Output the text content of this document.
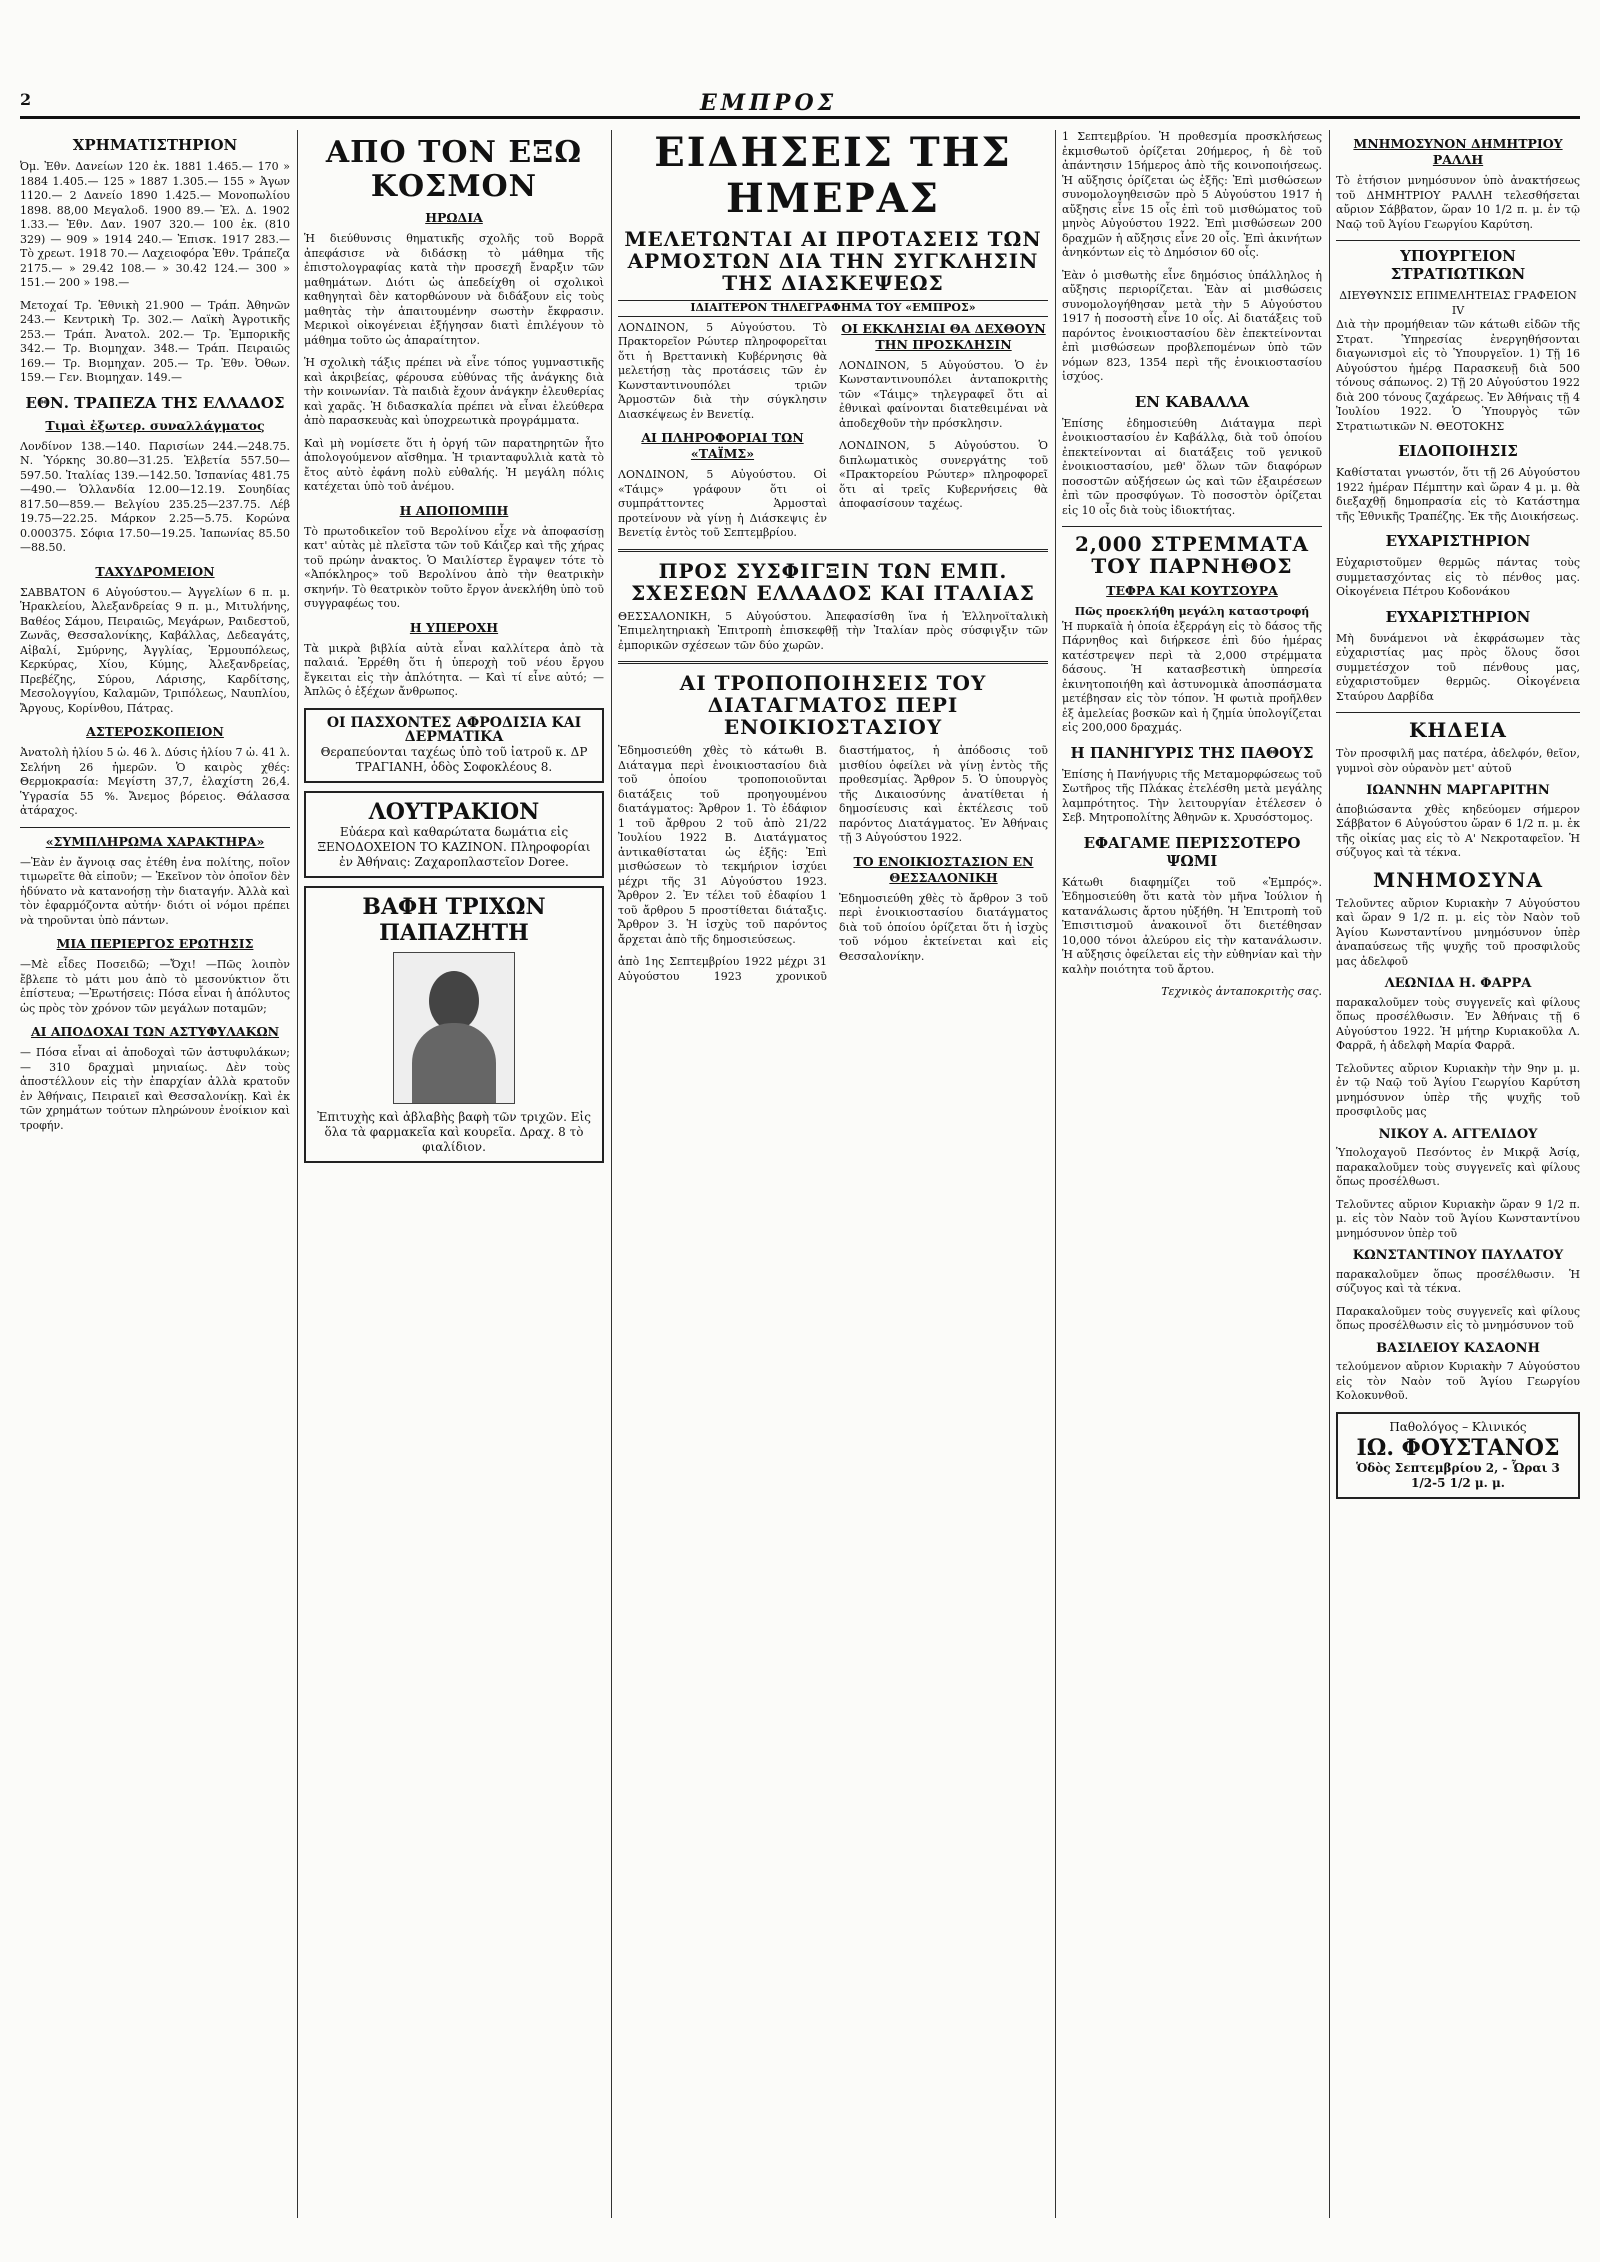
2	ΕΜΠΡΟΣ
ΧΡΗΜΑΤΙΣΤΗΡΙΟΝ
Ὀμ. Ἐθν. Δανείων 120 ἐκ. 1881 1.465.— 170 » 1884 1.405.— 125 » 1887 1.305.— 155 » Ἀγων 1120.— 2 Δανείο 1890 1.425.— Μονοπωλίου 1898. 88,00 Μεγαλοδ. 1900 89.— Ἐλ. Δ. 1902 1.33.— Ἐθν. Δαν. 1907 320.— 100 ἐκ. (810 329) — 909 » 1914 240.— Ἐπισκ. 1917 283.— Τὸ χρεωτ. 1918 70.— Λαχειοφόρα Ἐθν. Τράπεζα 2175.— » 29.42 108.— » 30.42 124.— 300 » 151.— 200 » 198.—
Μετοχαί Τρ. Ἑθνικὴ 21.900 — Τράπ. Ἀθηνῶν 243.— Κεντρικὴ Τρ. 302.— Λαϊκὴ Ἀγροτικῆς 253.— Τράπ. Ἀνατολ. 202.— Τρ. Ἐμπορικῆς 342.— Τρ. Βιομηχαν. 348.— Τράπ. Πειραιῶς 169.— Τρ. Βιομηχαν. 205.— Τρ. Ἐθν. Ὀθων. 159.— Γεν. Βιομηχαν. 149.—
ΕΘΝ. ΤΡΑΠΕΖΑ ΤΗΣ ΕΛΛΑΔΟΣ
Τιμαὶ ἐξωτερ. συναλλάγματος
Λονδίνον 138.—140. Παρισίων 244.—248.75. Ν. Ὑόρκης 30.80—31.25. Ἑλβετία 557.50—597.50. Ἰταλίας 139.—142.50. Ἰσπανίας 481.75—490.— Ὁλλανδία 12.00—12.19. Σουηδίας 817.50—859.— Βελγίου 235.25—237.75. Λέβ 19.75—22.25. Μάρκον 2.25—5.75. Κορώνα 0.000375. Σόφια 17.50—19.25. Ἰαπωνίας 85.50—88.50.
ΤΑΧΥΔΡΟΜΕΙΟΝ
ΣΑΒΒΑΤΟΝ 6 Αὐγούστου.— Ἀγγελίων 6 π. μ. Ἡρακλείου, Ἀλεξανδρείας 9 π. μ., Μιτυλήνης, Βαθέος Σάμου, Πειραιῶς, Μεγάρων, Ραιδεστοῦ, Ζωνᾶς, Θεσσαλονίκης, Καβάλλας, Δεδεαγάτς, Αἰβαλί, Σμύρνης, Ἀγγλίας, Ἐρμουπόλεως, Κερκύρας, Χίου, Κύμης, Ἀλεξανδρείας, Πρεβέζης, Σύρου, Λάρισης, Καρδίτσης, Μεσολογγίου, Καλαμῶν, Τριπόλεως, Ναυπλίου, Ἄργους, Κορίνθου, Πάτρας.
ΑΣΤΕΡΟΣΚΟΠΕΙΟΝ
Ἀνατολὴ ἡλίου 5 ὡ. 46 λ. Δύσις ἡλίου 7 ὡ. 41 λ. Σελήνη 26 ἡμερῶν. Ὁ καιρὸς χθές: Θερμοκρασία: Μεγίστη 37,7, ἐλαχίστη 26,4. Ὑγρασία 55 %. Ἄνεμος βόρειος. Θάλασσα ἀτάραχος.
«ΣΥΜΠΛΗΡΩΜΑ ΧΑΡΑΚΤΗΡΑ»
—Ἐὰν ἐν ἄγνοιᾳ σας ἐτέθη ἐνα πολίτης, ποῖον τιμωρεῖτε θὰ εἰποῦν; — Ἐκεῖνον τὸν ὁποῖον δὲν ἠδύνατο νὰ κατανοήσῃ τὴν διαταγήν. Ἀλλὰ καὶ τὸν ἐφαρμόζοντα αὐτήν· διότι οἱ νόμοι πρέπει νὰ τηροῦνται ὑπὸ πάντων.
ΜΙΑ ΠΕΡΙΕΡΓΟΣ ΕΡΩΤΗΣΙΣ
—Μὲ εἶδες Ποσειδῶ; —Ὄχι! —Πῶς λοιπὸν ἔβλεπε τὸ μάτι μου ἀπὸ τὸ μεσονύκτιον ὅτι ἐπίστευα; —Ἐρωτήσεις: Πόσα εἶναι ἡ ἀπόλυτος ὡς πρὸς τὸν χρόνον τῶν μεγάλων ποταμῶν;
ΑΙ ΑΠΟΔΟΧΑΙ ΤΩΝ ΑΣΤΥΦΥΛΑΚΩΝ
— Πόσα εἶναι αἱ ἀποδοχαὶ τῶν ἀστυφυλάκων; — 310 δραχμαὶ μηνιαίως. Δὲν τοὺς ἀποστέλλουν εἰς τὴν ἐπαρχίαν ἀλλὰ κρατοῦν ἐν Ἀθήναις, Πειραιεῖ καὶ Θεσσαλονίκῃ. Καὶ ἐκ τῶν χρημάτων τούτων πληρώνουν ἐνοίκιον καὶ τροφήν.
ΑΠΟ ΤΟΝ ΕΞΩ ΚΟΣΜΟΝ
ΗΡΩΔΙΑ
Ἡ διεύθυνσις θηματικῆς σχολῆς τοῦ Βορρᾶ ἀπεφάσισε νὰ διδάσκῃ τὸ μάθημα τῆς ἐπιστολογραφίας κατὰ τὴν προσεχῆ ἔναρξιν τῶν μαθημάτων. Διότι ὡς ἀπεδείχθη οἱ σχολικοὶ καθηγηταὶ δὲν κατορθώνουν νὰ διδάξουν εἰς τοὺς μαθητὰς τὴν ἀπαιτουμένην σωστὴν ἔκφρασιν. Μερικοὶ οἰκογένειαι ἐξήγησαν διατὶ ἐπιλέγουν τὸ μάθημα τοῦτο ὡς ἀπαραίτητον.
Ἡ σχολικὴ τάξις πρέπει νὰ εἶνε τόπος γυμναστικῆς καὶ ἀκριβείας, φέρουσα εὐθύνας τῆς ἀνάγκης διὰ τὴν κοινωνίαν. Τὰ παιδιὰ ἔχουν ἀνάγκην ἐλευθερίας καὶ χαρᾶς. Ἡ διδασκαλία πρέπει νὰ εἶναι ἐλεύθερα ἀπὸ παρασκευὰς καὶ ὑποχρεωτικὰ προγράμματα.
Καὶ μὴ νομίσετε ὅτι ἡ ὀργή τῶν παρατηρητῶν ἦτο ἀπολογούμενον αἴσθημα. Ἡ τριανταφυλλιὰ κατὰ τὸ ἔτος αὐτὸ ἐφάνη πολὺ εὐθαλής. Ἡ μεγάλη πόλις κατέχεται ὑπὸ τοῦ ἀνέμου.
Η ΑΠΟΠΟΜΠΗ
Τὸ πρωτοδικεῖον τοῦ Βερολίνου εἶχε νὰ ἀποφασίσῃ κατ' αὐτὰς μὲ πλεῖστα τῶν τοῦ Κάιζερ καὶ τῆς χήρας τοῦ πρώην ἀνακτος. Ὁ Μαιλίστερ ἔγραψεν τότε τὸ «Ἀπόκληρος» τοῦ Βερολίνου ἀπὸ τὴν θεατρικὴν σκηνήν. Τὸ θεατρικὸν τοῦτο ἔργον ἀνεκλήθη ὑπὸ τοῦ συγγραφέως του.
Η ΥΠΕΡΟΧΗ
Τὰ μικρὰ βιβλία αὐτὰ εἶναι καλλίτερα ἀπὸ τὰ παλαιά. Ἐρρέθη ὅτι ἡ ὑπεροχὴ τοῦ νέου ἔργου ἔγκειται εἰς τὴν ἀπλότητα. — Καὶ τί εἶνε αὐτό; — Ἀπλῶς ὁ ἐξέχων ἄνθρωπος.
ΟΙ ΠΑΣΧΟΝΤΕΣ ΑΦΡΟΔΙΣΙΑ ΚΑΙ ΔΕΡΜΑΤΙΚΑ
Θεραπεύονται ταχέως ὑπὸ τοῦ ἰατροῦ κ. ΔΡ ΤΡΑΓΙΑΝΗ, ὁδὸς Σοφοκλέους 8.
ΛΟΥΤΡΑΚΙΟΝ
Εὐάερα καὶ καθαρώτατα δωμάτια εἰς ΞΕΝΟΔΟΧΕΙΟΝ ΤΟ ΚΑΖΙΝΟΝ. Πληροφορίαι ἐν Ἀθήναις: Ζαχαροπλαστεῖον Doree.
ΒΑΦΗ ΤΡΙΧΩΝ ΠΑΠΑΖΗΤΗ
Ἐπιτυχὴς καὶ ἀβλαβὴς βαφὴ τῶν τριχῶν. Εἰς ὅλα τὰ φαρμακεῖα καὶ κουρεῖα. Δραχ. 8 τὸ φιαλίδιον.
ΕΙΔΗΣΕΙΣ ΤΗΣ ΗΜΕΡΑΣ
ΜΕΛΕΤΩΝΤΑΙ ΑΙ ΠΡΟΤΑΣΕΙΣ ΤΩΝ ΑΡΜΟΣΤΩΝ ΔΙΑ ΤΗΝ ΣΥΓΚΛΗΣΙΝ ΤΗΣ ΔΙΑΣΚΕΨΕΩΣ
ΙΔΙΑΙΤΕΡΟΝ ΤΗΛΕΓΡΑΦΗΜΑ ΤΟΥ «ΕΜΠΡΟΣ»
ΛΟΝΔΙΝΟΝ, 5 Αὐγούστου. Τὸ Πρακτορεῖον Ρώυτερ πληροφορεῖται ὅτι ἡ Βρεττανικὴ Κυβέρνησις θὰ μελετήσῃ τὰς προτάσεις τῶν ἐν Κωνσταντινουπόλει τριῶν Ἁρμοστῶν διὰ τὴν σύγκλησιν Διασκέψεως ἐν Βενετίᾳ.
ΑΙ ΠΛΗΡΟΦΟΡΙΑΙ ΤΩΝ «ΤΑΪΜΣ»
ΛΟΝΔΙΝΟΝ, 5 Αὐγούστου. Οἱ «Τάιμς» γράφουν ὅτι οἱ συμπράττοντες Ἁρμοσταὶ προτείνουν νὰ γίνῃ ἡ Διάσκεψις ἐν Βενετίᾳ ἐντὸς τοῦ Σεπτεμβρίου.
ΟΙ ΕΚΚΛΗΣΙΑΙ ΘΑ ΔΕΧΘΟΥΝ ΤΗΝ ΠΡΟΣΚΛΗΣΙΝ
ΛΟΝΔΙΝΟΝ, 5 Αὐγούστου. Ὁ ἐν Κωνσταντινουπόλει ἀνταποκριτὴς τῶν «Τάιμς» τηλεγραφεῖ ὅτι αἱ ἐθνικαὶ φαίνονται διατεθειμέναι νὰ ἀποδεχθοῦν τὴν πρόσκλησιν.
ΛΟΝΔΙΝΟΝ, 5 Αὐγούστου. Ὁ διπλωματικὸς συνεργάτης τοῦ «Πρακτορείου Ρώυτερ» πληροφορεῖ ὅτι αἱ τρεῖς Κυβερνήσεις θὰ ἀποφασίσουν ταχέως.
ΠΡΟΣ ΣΥΣΦΙΓΞΙΝ ΤΩΝ ΕΜΠ. ΣΧΕΣΕΩΝ ΕΛΛΑΔΟΣ ΚΑΙ ΙΤΑΛΙΑΣ
ΘΕΣΣΑΛΟΝΙΚΗ, 5 Αὐγούστου. Ἀπεφασίσθη ἵνα ἡ Ἑλληνοϊταλικὴ Ἐπιμελητηριακὴ Ἐπιτροπὴ ἐπισκεφθῇ τὴν Ἰταλίαν πρὸς σύσφιγξιν τῶν ἐμπορικῶν σχέσεων τῶν δύο χωρῶν.
ΑΙ ΤΡΟΠΟΠΟΙΗΣΕΙΣ ΤΟΥ ΔΙΑΤΑΓΜΑΤΟΣ ΠΕΡΙ ΕΝΟΙΚΙΟΣΤΑΣΙΟΥ
Ἐδημοσιεύθη χθὲς τὸ κάτωθι Β. Διάταγμα περὶ ἐνοικιοστασίου διὰ τοῦ ὁποίου τροποποιοῦνται διατάξεις τοῦ προηγουμένου διατάγματος: Ἄρθρον 1. Τὸ ἐδάφιον 1 τοῦ ἄρθρου 2 τοῦ ἀπὸ 21/22 Ἰουλίου 1922 Β. Διατάγματος ἀντικαθίσταται ὡς ἑξῆς: Ἐπὶ μισθώσεων τὸ τεκμήριον ἰσχύει μέχρι τῆς 31 Αὐγούστου 1923. Ἄρθρον 2. Ἐν τέλει τοῦ ἐδαφίου 1 τοῦ ἄρθρου 5 προστίθεται διάταξις. Ἄρθρον 3. Ἡ ἰσχὺς τοῦ παρόντος ἄρχεται ἀπὸ τῆς δημοσιεύσεως.
ἀπὸ 1ης Σεπτεμβρίου 1922 μέχρι 31 Αὐγούστου 1923 χρονικοῦ διαστήματος, ἡ ἀπόδοσις τοῦ μισθίου ὀφείλει νὰ γίνῃ ἐντὸς τῆς προθεσμίας. Ἄρθρον 5. Ὁ ὑπουργὸς τῆς Δικαιοσύνης ἀνατίθεται ἡ δημοσίευσις καὶ ἐκτέλεσις τοῦ παρόντος Διατάγματος. Ἐν Ἀθήναις τῇ 3 Αὐγούστου 1922.
ΤΟ ΕΝΟΙΚΙΟΣΤΑΣΙΟΝ ΕΝ ΘΕΣΣΑΛΟΝΙΚΗ
Ἐδημοσιεύθη χθὲς τὸ ἄρθρον 3 τοῦ περὶ ἐνοικιοστασίου διατάγματος διὰ τοῦ ὁποίου ὁρίζεται ὅτι ἡ ἰσχὺς τοῦ νόμου ἐκτείνεται καὶ εἰς Θεσσαλονίκην.
1 Σεπτεμβρίου. Ἡ προθεσμία προσκλήσεως ἐκμισθωτοῦ ὁρίζεται 20ήμερος, ἡ δὲ τοῦ ἀπάντησιν 15ήμερος ἀπὸ τῆς κοινοποιήσεως. Ἡ αὔξησις ὁρίζεται ὡς ἑξῆς: Ἐπὶ μισθώσεων συνομολογηθεισῶν πρὸ 5 Αὐγούστου 1917 ἡ αὔξησις εἶνε 15 οἷς ἐπὶ τοῦ μισθώματος τοῦ μηνὸς Αὐγούστου 1922. Ἐπὶ μισθώσεων 200 δραχμῶν ἡ αὔξησις εἶνε 20 οἷς. Ἐπὶ ἀκινήτων ἀνηκόντων εἰς τὸ Δημόσιον 60 οἷς.
Ἐὰν ὁ μισθωτὴς εἶνε δημόσιος ὑπάλληλος ἡ αὔξησις περιορίζεται. Ἐὰν αἱ μισθώσεις συνομολογήθησαν μετὰ τὴν 5 Αὐγούστου 1917 ἡ ποσοστὴ εἶνε 10 οἷς. Αἱ διατάξεις τοῦ παρόντος ἐνοικιοστασίου δὲν ἐπεκτείνονται ἐπὶ μισθώσεων προβλεπομένων ὑπὸ τῶν νόμων 823, 1354 περὶ τῆς ἐνοικιοστασίου ἰσχύος.
ΕΝ ΚΑΒΑΛΛΑ
Ἐπίσης ἐδημοσιεύθη Διάταγμα περὶ ἐνοικιοστασίου ἐν Καβάλλᾳ, διὰ τοῦ ὁποίου ἐπεκτείνονται αἱ διατάξεις τοῦ γενικοῦ ἐνοικιοστασίου, μεθ' ὅλων τῶν διαφόρων ποσοστῶν αὐξήσεων ὡς καὶ τῶν ἐξαιρέσεων ἐπὶ τῶν προσφύγων. Τὸ ποσοστὸν ὁρίζεται εἰς 10 οἷς διὰ τοὺς ἰδιοκτήτας.
2,000 ΣΤΡΕΜΜΑΤΑ ΤΟΥ ΠΑΡΝΗΘΟΣ
ΤΕΦΡΑ ΚΑΙ ΚΟΥΤΣΟΥΡΑ
Πῶς προεκλήθη μεγάλη καταστροφή
Ἡ πυρκαϊὰ ἡ ὁποία ἐξερράγη εἰς τὸ δάσος τῆς Πάρνηθος καὶ διήρκεσε ἐπὶ δύο ἡμέρας κατέστρεψεν περὶ τὰ 2,000 στρέμματα δάσους. Ἡ κατασβεστικὴ ὑπηρεσία ἐκινητοποιήθη καὶ ἀστυνομικὰ ἀποσπάσματα μετέβησαν εἰς τὸν τόπον. Ἡ φωτιὰ προῆλθεν ἐξ ἀμελείας βοσκῶν καὶ ἡ ζημία ὑπολογίζεται εἰς 200,000 δραχμάς.
Η ΠΑΝΗΓΥΡΙΣ ΤΗΣ ΠΑΘΟΥΣ
Ἐπίσης ἡ Πανήγυρις τῆς Μεταμορφώσεως τοῦ Σωτῆρος τῆς Πλάκας ἐτελέσθη μετὰ μεγάλης λαμπρότητος. Τὴν λειτουργίαν ἐτέλεσεν ὁ Σεβ. Μητροπολίτης Ἀθηνῶν κ. Χρυσόστομος.
ΕΦΑΓΑΜΕ ΠΕΡΙΣΣΟΤΕΡΟ ΨΩΜΙ
Κάτωθι διαφημίζει τοῦ «Ἐμπρός». Ἐδημοσιεύθη ὅτι κατὰ τὸν μῆνα Ἰούλιον ἡ κατανάλωσις ἄρτου ηὐξήθη. Ἡ Ἐπιτροπὴ τοῦ Ἐπισιτισμοῦ ἀνακοινοῖ ὅτι διετέθησαν 10,000 τόνοι ἀλεύρου εἰς τὴν κατανάλωσιν. Ἡ αὔξησις ὀφείλεται εἰς τὴν εὐθηνίαν καὶ τὴν καλὴν ποιότητα τοῦ ἄρτου.
Τεχνικὸς ἀνταποκριτὴς σας.
ΜΝΗΜΟΣΥΝΟΝ ΔΗΜΗΤΡΙΟΥ ΡΑΛΛΗ
Τὸ ἐτήσιον μνημόσυνον ὑπὸ ἀνακτήσεως τοῦ ΔΗΜΗΤΡΙΟΥ ΡΑΛΛΗ τελεσθήσεται αὔριον Σάββατον, ὥραν 10 1/2 π. μ. ἐν τῷ Ναῷ τοῦ Ἁγίου Γεωργίου Καρύτση.
ΥΠΟΥΡΓΕΙΟΝ ΣΤΡΑΤΙΩΤΙΚΩΝ
ΔΙΕΥΘΥΝΣΙΣ ΕΠΙΜΕΛΗΤΕΙΑΣ ΓΡΑΦΕΙΟΝ IV
Διὰ τὴν προμήθειαν τῶν κάτωθι εἰδῶν τῆς Στρατ. Ὑπηρεσίας ἐνεργηθήσονται διαγωνισμοὶ εἰς τὸ Ὑπουργεῖον. 1) Τῇ 16 Αὐγούστου ἡμέρᾳ Παρασκευῇ διὰ 500 τόνους σάπωνος. 2) Τῇ 20 Αὐγούστου 1922 διὰ 200 τόνους ζαχάρεως. Ἐν Ἀθήναις τῇ 4 Ἰουλίου 1922. Ὁ Ὑπουργὸς τῶν Στρατιωτικῶν Ν. ΘΕΟΤΟΚΗΣ
ΕΙΔΟΠΟΙΗΣΙΣ
Καθίσταται γνωστόν, ὅτι τῇ 26 Αὐγούστου 1922 ἡμέραν Πέμπτην καὶ ὥραν 4 μ. μ. θὰ διεξαχθῇ δημοπρασία εἰς τὸ Κατάστημα τῆς Ἐθνικῆς Τραπέζης. Ἐκ τῆς Διοικήσεως.
ΕΥΧΑΡΙΣΤΗΡΙΟΝ
Εὐχαριστοῦμεν θερμῶς πάντας τοὺς συμμετασχόντας εἰς τὸ πένθος μας. Οἰκογένεια Πέτρου Κοδονάκου
ΕΥΧΑΡΙΣΤΗΡΙΟΝ
Μὴ δυνάμενοι νὰ ἐκφράσωμεν τὰς εὐχαριστίας μας πρὸς ὅλους ὅσοι συμμετέσχον τοῦ πένθους μας, εὐχαριστοῦμεν θερμῶς. Οἰκογένεια Σταύρου Δαρβίδα
ΚΗΔΕΙΑ
Τὸν προσφιλῆ μας πατέρα, ἀδελφόν, θεῖον, γυμνοὶ σὸν οὐρανὸν μετ' αὐτοῦ
ΙΩΑΝΝΗΝ ΜΑΡΓΑΡΙΤΗΝ
ἀποβιώσαντα χθὲς κηδεύομεν σήμερον Σάββατον 6 Αὐγούστου ὥραν 6 1/2 π. μ. ἐκ τῆς οἰκίας μας εἰς τὸ Α' Νεκροταφεῖον. Ἡ σύζυγος καὶ τὰ τέκνα.
ΜΝΗΜΟΣΥΝΑ
Τελοῦντες αὔριον Κυριακὴν 7 Αὐγούστου καὶ ὥραν 9 1/2 π. μ. εἰς τὸν Ναὸν τοῦ Ἁγίου Κωνσταντίνου μνημόσυνον ὑπὲρ ἀναπαύσεως τῆς ψυχῆς τοῦ προσφιλοῦς μας ἀδελφοῦ
ΛΕΩΝΙΔΑ Η. ΦΑΡΡΑ
παρακαλοῦμεν τοὺς συγγενεῖς καὶ φίλους ὅπως προσέλθωσιν. Ἐν Ἀθήναις τῇ 6 Αὐγούστου 1922. Ἡ μήτηρ Κυριακοῦλα Λ. Φαρρᾶ, ἡ ἀδελφὴ Μαρία Φαρρᾶ.
Τελοῦντες αὔριον Κυριακὴν τὴν 9ην μ. μ. ἐν τῷ Ναῷ τοῦ Ἁγίου Γεωργίου Καρύτση μνημόσυνον ὑπὲρ τῆς ψυχῆς τοῦ προσφιλοῦς μας
ΝΙΚΟΥ Α. ΑΓΓΕΛΙΔΟΥ
Ὑπολοχαγοῦ Πεσόντος ἐν Μικρᾷ Ἀσίᾳ, παρακαλοῦμεν τοὺς συγγενεῖς καὶ φίλους ὅπως προσέλθωσι.
Τελοῦντες αὔριον Κυριακὴν ὥραν 9 1/2 π. μ. εἰς τὸν Ναὸν τοῦ Ἁγίου Κωνσταντίνου μνημόσυνον ὑπὲρ τοῦ
ΚΩΝΣΤΑΝΤΙΝΟΥ ΠΑΥΛΑΤΟΥ
παρακαλοῦμεν ὅπως προσέλθωσιν. Ἡ σύζυγος καὶ τὰ τέκνα.
Παρακαλοῦμεν τοὺς συγγενεῖς καὶ φίλους ὅπως προσέλθωσιν εἰς τὸ μνημόσυνον τοῦ
ΒΑΣΙΛΕΙΟΥ ΚΑΣΑΟΝΗ
τελούμενον αὔριον Κυριακὴν 7 Αὐγούστου εἰς τὸν Ναὸν τοῦ Ἁγίου Γεωργίου Κολοκυνθοῦ.
Παθολόγος – Κλινικός
ΙΩ. ΦΟΥΣΤΑΝΟΣ
Ὁδὸς Σεπτεμβρίου 2, - Ὧραι 3 1/2-5 1/2 μ. μ.
